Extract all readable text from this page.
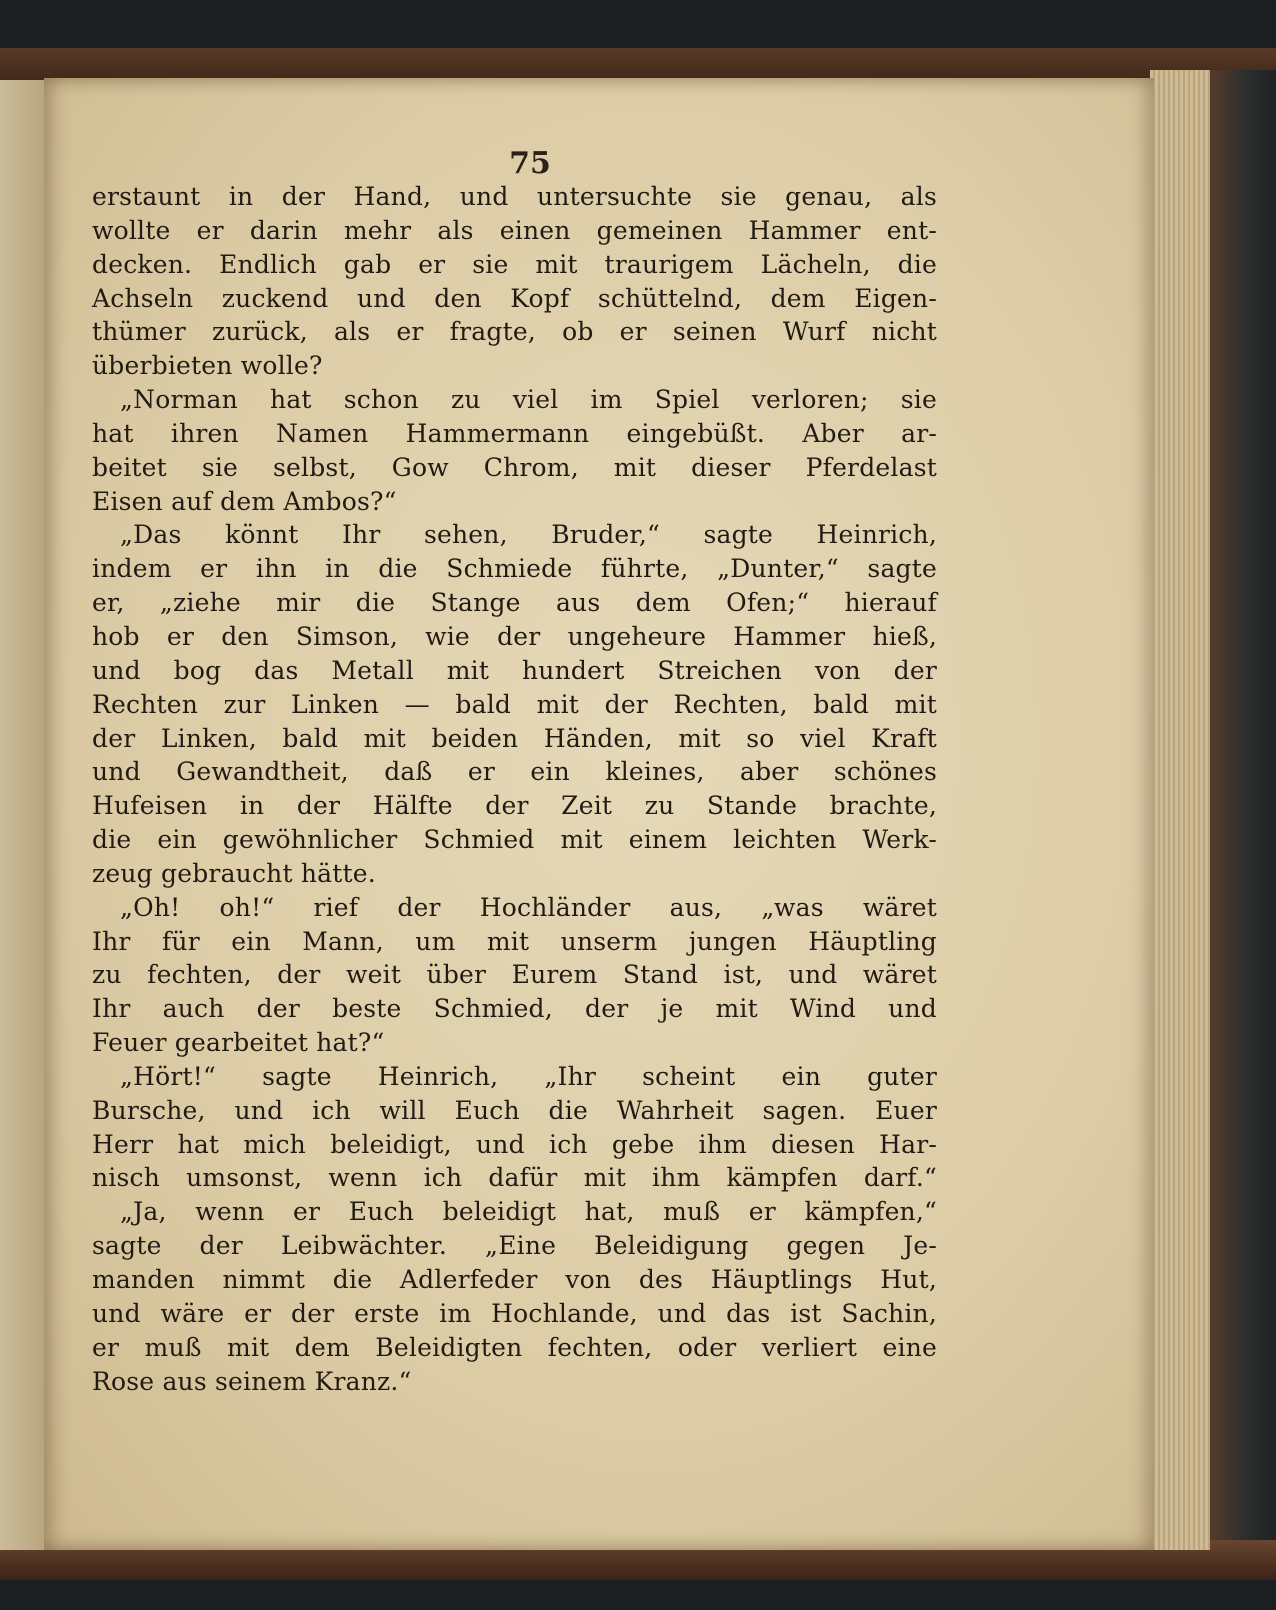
75
erstaunt in der Hand, und untersuchte sie genau, als
wollte er darin mehr als einen gemeinen Hammer ent-
decken. Endlich gab er sie mit traurigem Lächeln, die
Achseln zuckend und den Kopf schüttelnd, dem Eigen-
thümer zurück, als er fragte, ob er seinen Wurf nicht
überbieten wolle?
„Norman hat schon zu viel im Spiel verloren; sie
hat ihren Namen Hammermann eingebüßt. Aber ar-
beitet sie selbst, Gow Chrom, mit dieser Pferdelast
Eisen auf dem Ambos?“
„Das könnt Ihr sehen, Bruder,“ sagte Heinrich,
indem er ihn in die Schmiede führte, „Dunter,“ sagte
er, „ziehe mir die Stange aus dem Ofen;“ hierauf
hob er den Simson, wie der ungeheure Hammer hieß,
und bog das Metall mit hundert Streichen von der
Rechten zur Linken — bald mit der Rechten, bald mit
der Linken, bald mit beiden Händen, mit so viel Kraft
und Gewandtheit, daß er ein kleines, aber schönes
Hufeisen in der Hälfte der Zeit zu Stande brachte,
die ein gewöhnlicher Schmied mit einem leichten Werk-
zeug gebraucht hätte.
„Oh! oh!“ rief der Hochländer aus, „was wäret
Ihr für ein Mann, um mit unserm jungen Häuptling
zu fechten, der weit über Eurem Stand ist, und wäret
Ihr auch der beste Schmied, der je mit Wind und
Feuer gearbeitet hat?“
„Hört!“ sagte Heinrich, „Ihr scheint ein guter
Bursche, und ich will Euch die Wahrheit sagen. Euer
Herr hat mich beleidigt, und ich gebe ihm diesen Har-
nisch umsonst, wenn ich dafür mit ihm kämpfen darf.“
„Ja, wenn er Euch beleidigt hat, muß er kämpfen,“
sagte der Leibwächter. „Eine Beleidigung gegen Je-
manden nimmt die Adlerfeder von des Häuptlings Hut,
und wäre er der erste im Hochlande, und das ist Sachin,
er muß mit dem Beleidigten fechten, oder verliert eine
Rose aus seinem Kranz.“
